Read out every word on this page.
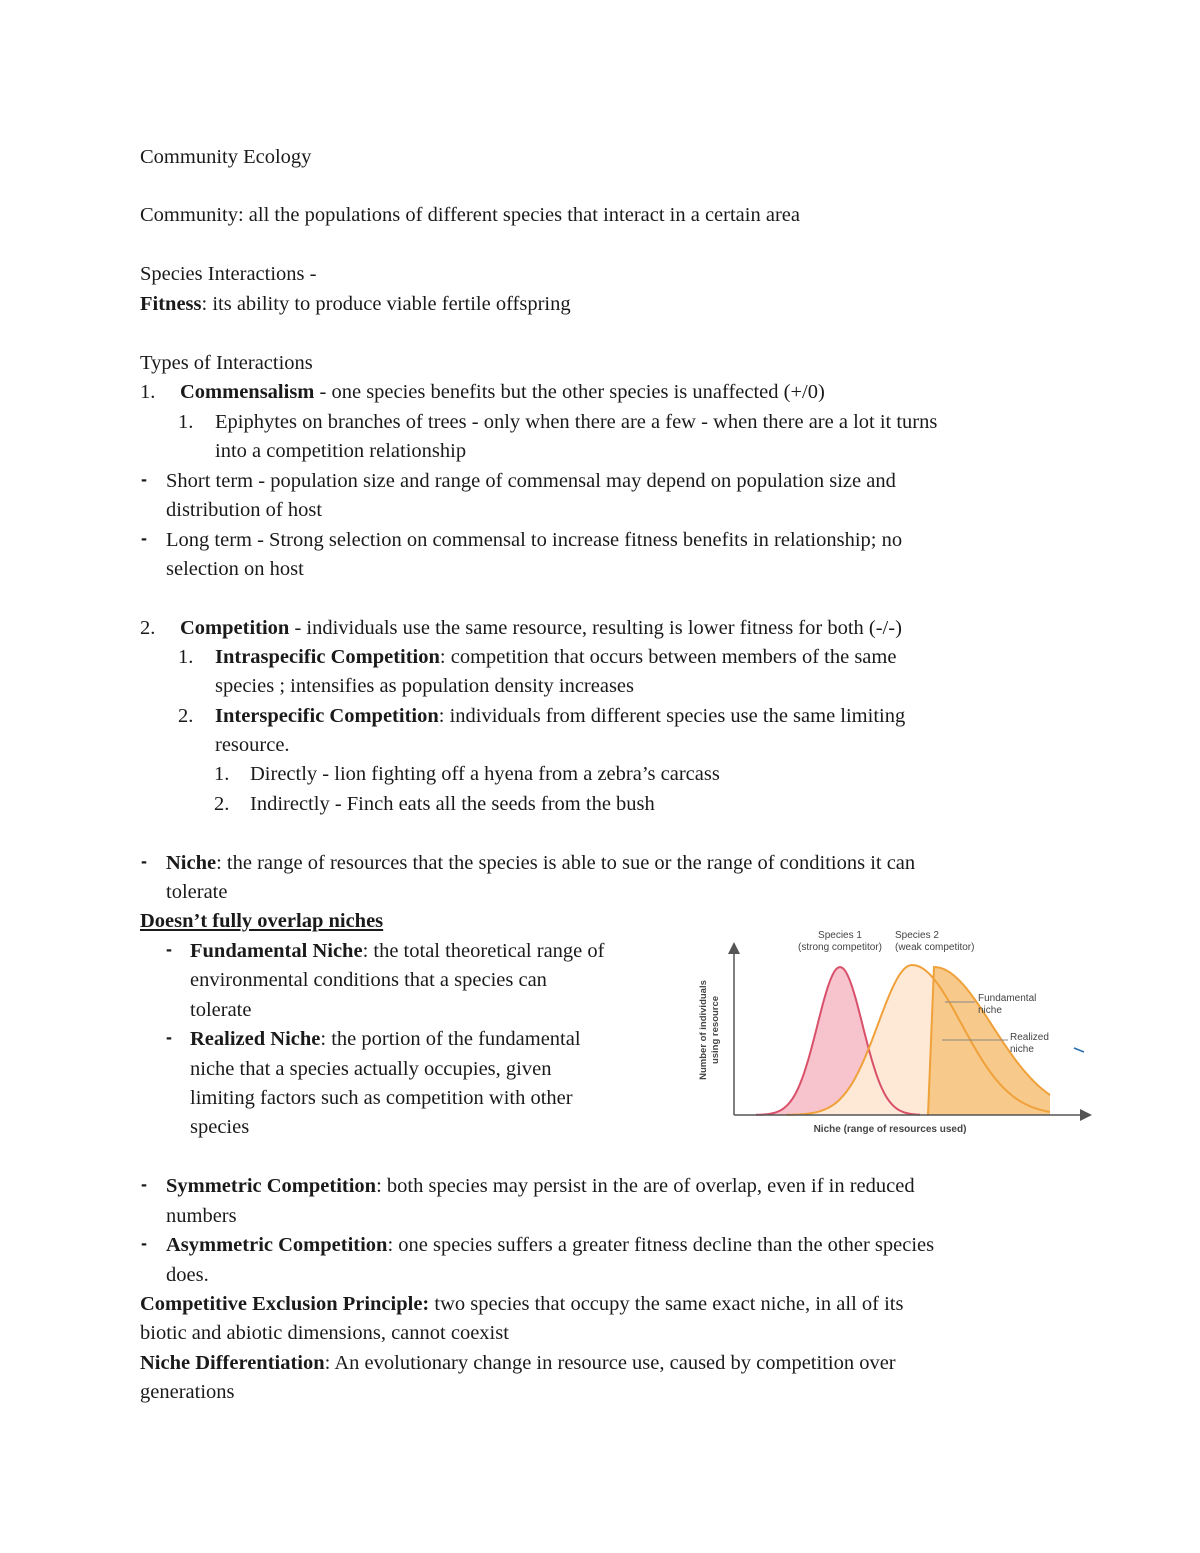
Community Ecology

Community: all the populations of different species that interact in a certain area

Species Interactions -

Fitness: its ability to produce viable fertile offspring

Types of Interactions

1. Commensalism - one species benefits but the other species is unaffected (+/0)

1. Epiphytes on branches of trees - only when there are a few - when there are a lot it turns

into a competition relationship

- Short term - population size and range of commensal may depend on population size and

distribution of host

- Long term - Strong selection on commensal to increase fitness benefits in relationship; no

selection on host

2. Competition - individuals use the same resource, resulting is lower fitness for both (-/-)

1. Intraspecific Competition: competition that occurs between members of the same

species ; intensifies as population density increases

2. Interspecific Competition: individuals from different species use the same limiting

resource.

1. Directly - lion fighting off a hyena from a zebra’s carcass

2. Indirectly - Finch eats all the seeds from the bush

- Niche: the range of resources that the species is able to sue or the range of conditions it can

tolerate

Doesn’t fully overlap niches

- Fundamental Niche: the total theoretical range of

environmental conditions that a species can

tolerate

- Realized Niche: the portion of the fundamental

niche that a species actually occupies, given

limiting factors such as competition with other

species

Species 1
(strong competitor)
Species 2
(weak competitor)
Fundamental
niche
Realized
niche
Number of individuals using resource
Niche (range of resources used)
- Symmetric Competition: both species may persist in the are of overlap, even if in reduced

numbers

- Asymmetric Competition: one species suffers a greater fitness decline than the other species

does.

Competitive Exclusion Principle: two species that occupy the same exact niche, in all of its

biotic and abiotic dimensions, cannot coexist

Niche Differentiation: An evolutionary change in resource use, caused by competition over

generations
